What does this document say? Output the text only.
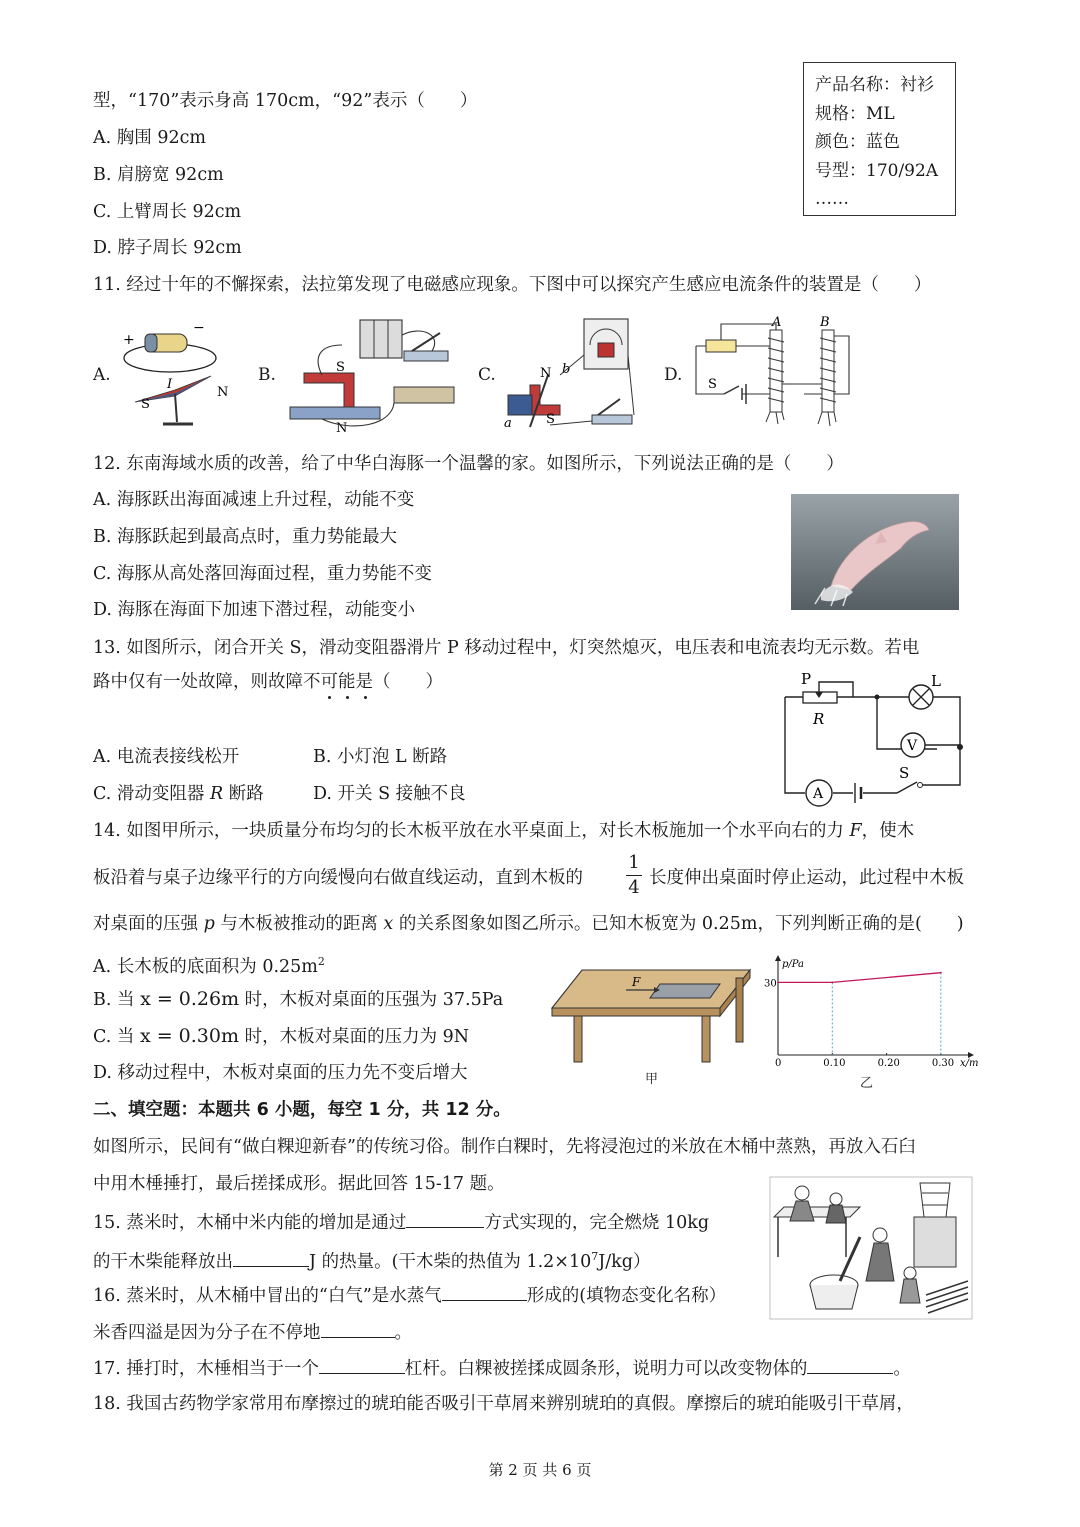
产品名称：衬衫
规格：ML
颜色：蓝色
号型：170/92A
……
型，“170”表示身高 170cm，“92”表示（　　）
A. 胸围 92cm
B. 肩膀宽 92cm
C. 上臂周长 92cm
D. 脖子周长 92cm
11. 经过十年的不懈探索，法拉第发现了电磁感应现象。下图中可以探究产生感应电流条件的装置是（　　）
A.	B.	C.	D.
+
−
I
N
S
S
N
N b
a	S
S
A	B
12. 东南海域水质的改善，给了中华白海豚一个温馨的家。如图所示，下列说法正确的是（　　）
A. 海豚跃出海面减速上升过程，动能不变
B. 海豚跃起到最高点时，重力势能最大
C. 海豚从高处落回海面过程，重力势能不变
D. 海豚在海面下加速下潜过程，动能变小
13. 如图所示，闭合开关 S，滑动变阻器滑片 P 移动过程中，灯突然熄灭，电压表和电流表均无示数。若电
路中仅有一处故障，则故障不可能是（　　）
A. 电流表接线松开	B. 小灯泡 L 断路
C. 滑动变阻器 R 断路	D. 开关 S 接触不良
P
R
L
V
A
S
14. 如图甲所示，一块质量分布均匀的长木板平放在水平桌面上，对长木板施加一个水平向右的力 F，使木
板沿着与桌子边缘平行的方向缓慢向右做直线运动，直到木板的
1
4 长度伸出桌面时停止运动，此过程中木板
对桌面的压强 p 与木板被推动的距离 x 的关系图象如图乙所示。已知木板宽为 0.25m，下列判断正确的是(　　)
A. 长木板的底面积为 $0.25m^2$
B. 当 x = 0.26m 时，木板对桌面的压强为 37.5Pa
C. 当 x = 0.30m 时，木板对桌面的压力为 9N
D. 移动过程中，木板对桌面的压力先不变后增大
F
甲
p/Pa
x/m
0	0.10	0.20	0.30
30
乙
二、填空题：本题共 6 小题，每空 1 分，共 12 分。
如图所示，民间有“做白粿迎新春”的传统习俗。制作白粿时，先将浸泡过的米放在木桶中蒸熟，再放入石臼
中用木棰捶打，最后搓揉成形。据此回答 15-17 题。
15. 蒸米时，木桶中米内能的增加是通过	方式实现的，完全燃烧 10kg
的干木柴能释放出	J 的热量。(干木柴的热值为 $1.2\times 10^7J/kg$）
16. 蒸米时，从木桶中冒出的“白气”是水蒸气	形成的(填物态变化名称）
米香四溢是因为分子在不停地	。
17. 捶打时，木棰相当于一个	杠杆。白粿被搓揉成圆条形，说明力可以改变物体的	。
18. 我国古药物学家常用布摩擦过的琥珀能否吸引干草屑来辨别琥珀的真假。摩擦后的琥珀能吸引干草屑，
第 2 页 共 6 页
